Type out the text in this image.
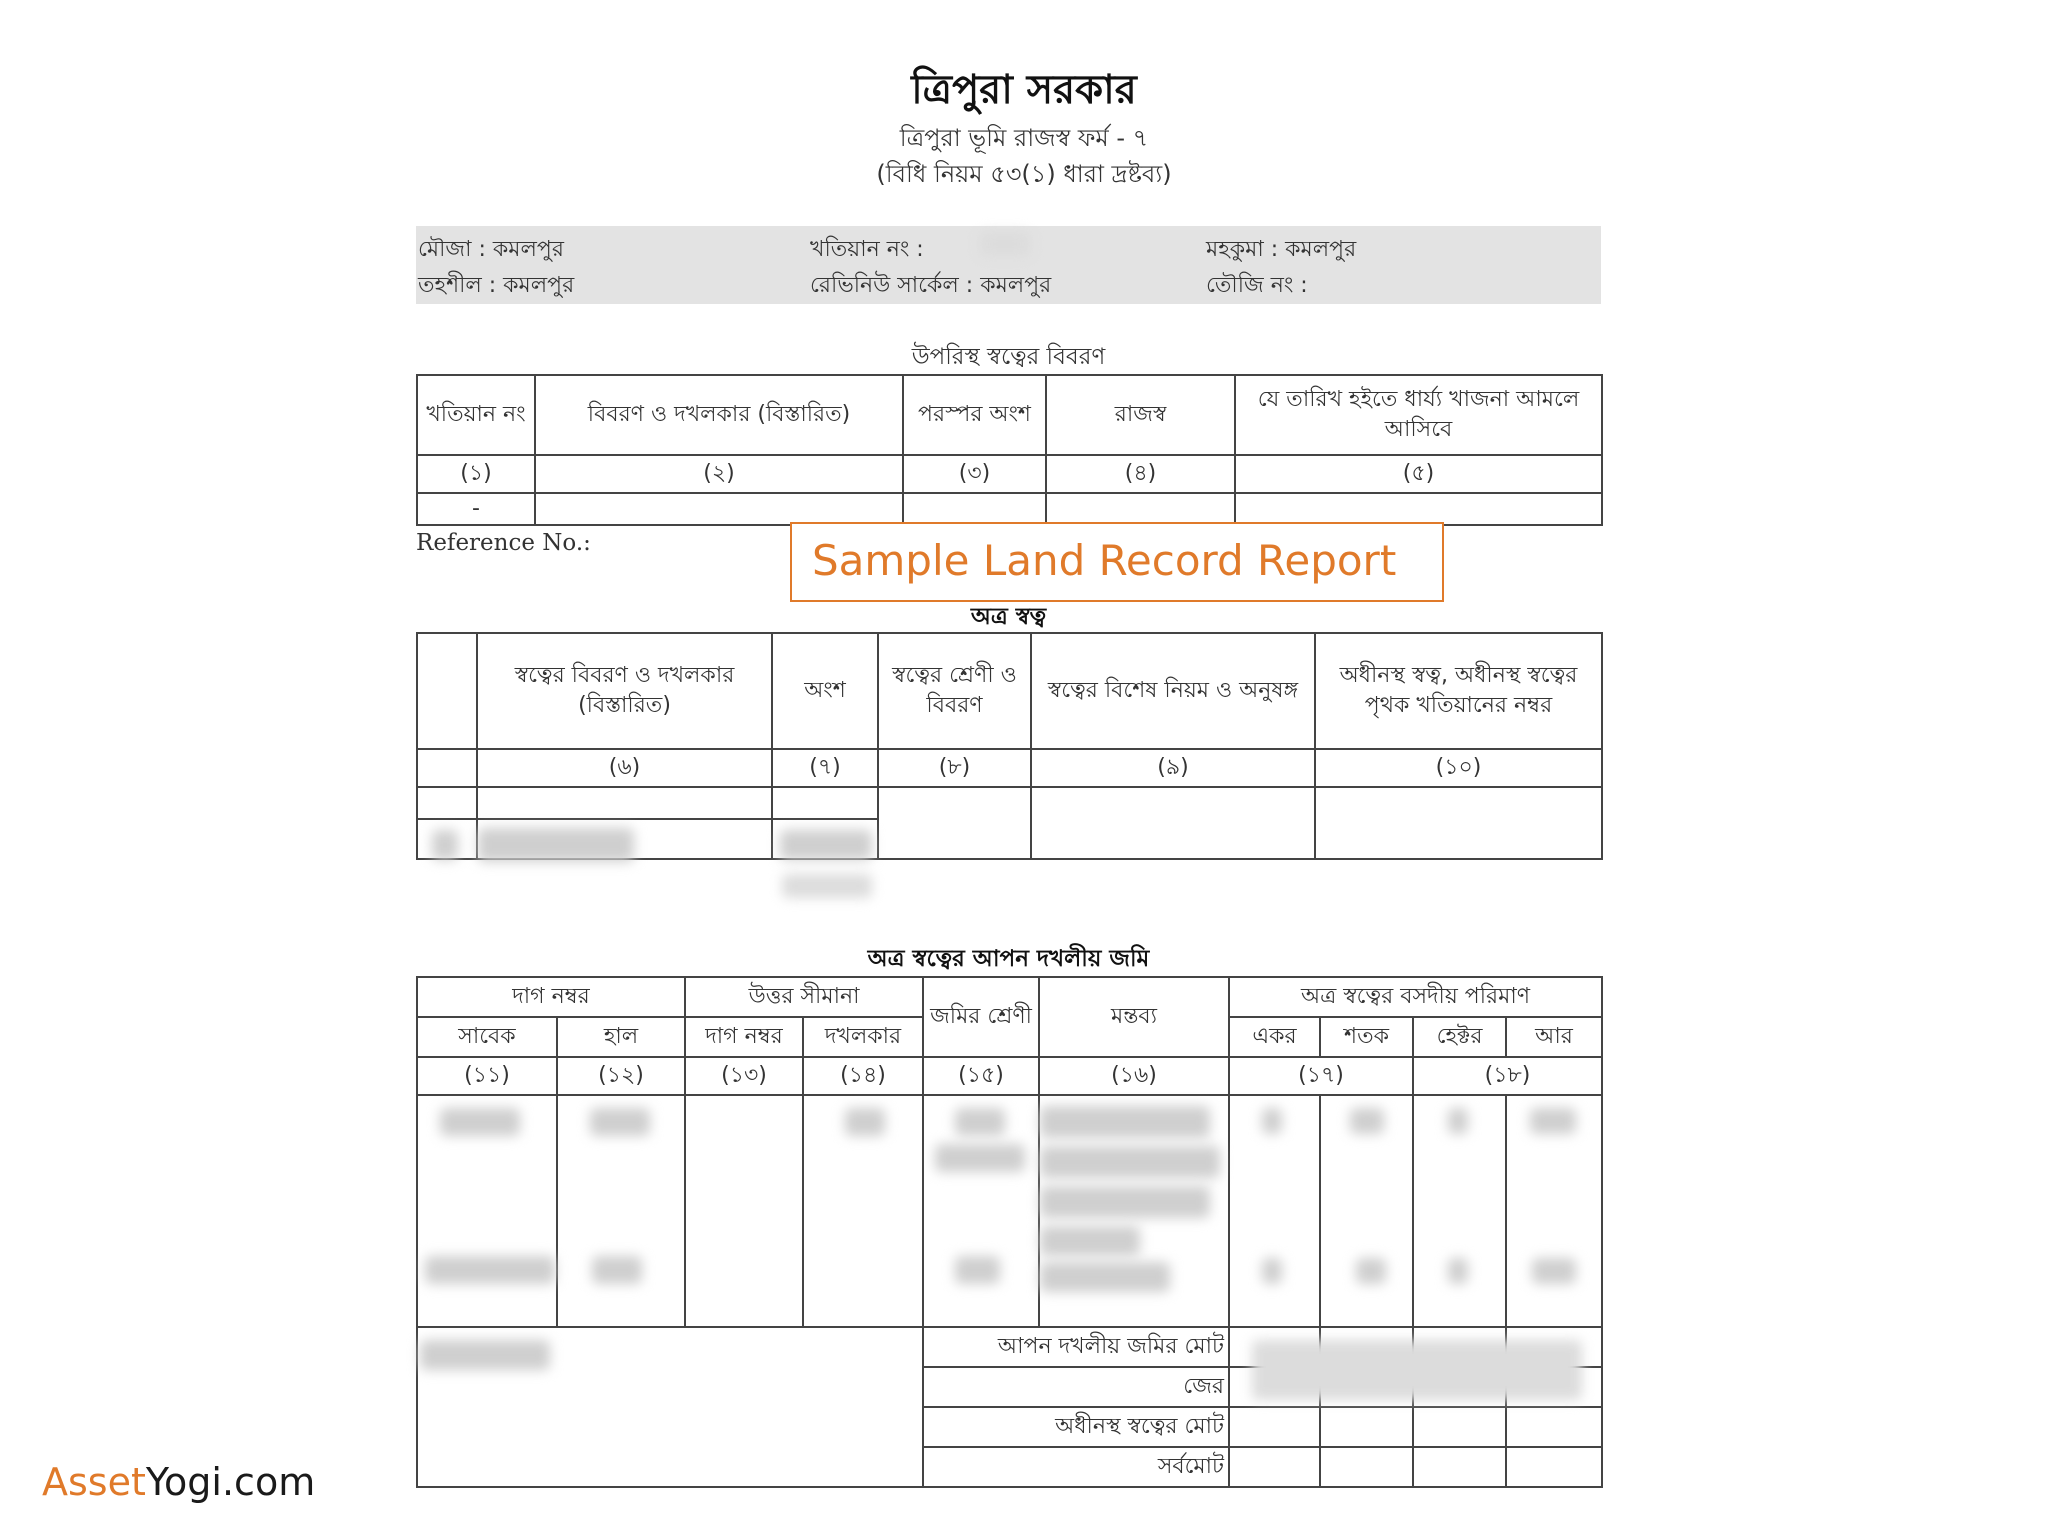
ত্রিপুরা সরকার
ত্রিপুরা ভূমি রাজস্ব ফর্ম - ৭
(বিধি নিয়ম ৫৩(১) ধারা দ্রষ্টব্য)
মৌজা : কমলপুর
তহশীল : কমলপুর
খতিয়ান নং :
রেভিনিউ সার্কেল : কমলপুর
মহকুমা : কমলপুর
তৌজি নং :
উপরিস্থ স্বত্বের বিবরণ
খতিয়ান নং	বিবরণ ও দখলকার (বিস্তারিত)	পরস্পর অংশ	রাজস্ব	যে তারিখ হইতে ধার্য্য খাজনা আমলে আসিবে
(১)	(২)	(৩)	(৪)	(৫)
-				
Reference No.:
অত্র স্বত্ব
	স্বত্বের বিবরণ ও দখলকার (বিস্তারিত)	অংশ	স্বত্বের শ্রেণী ও বিবরণ	স্বত্বের বিশেষ নিয়ম ও অনুষঙ্গ	অধীনস্থ স্বত্ব, অধীনস্থ স্বত্বের পৃথক খতিয়ানের নম্বর
	(৬)	(৭)	(৮)	(৯)	(১০)

অত্র স্বত্বের আপন দখলীয় জমি
দাগ নম্বর		উত্তর সীমানা		জমির শ্রেণী	মন্তব্য	অত্র স্বত্বের বসদীয় পরিমাণ			
সাবেক	হাল	দাগ নম্বর	দখলকার			একর	শতক	হেক্টর	আর
(১১)	(১২)	(১৩)	(১৪)	(১৫)	(১৬)	(১৭)		(১৮)	

				আপন দখলীয় জমির মোট					
				জের					
				অধীনস্থ স্বত্বের মোট					
				সর্বমোট					
Sample Land Record Report
AssetYogi.com
